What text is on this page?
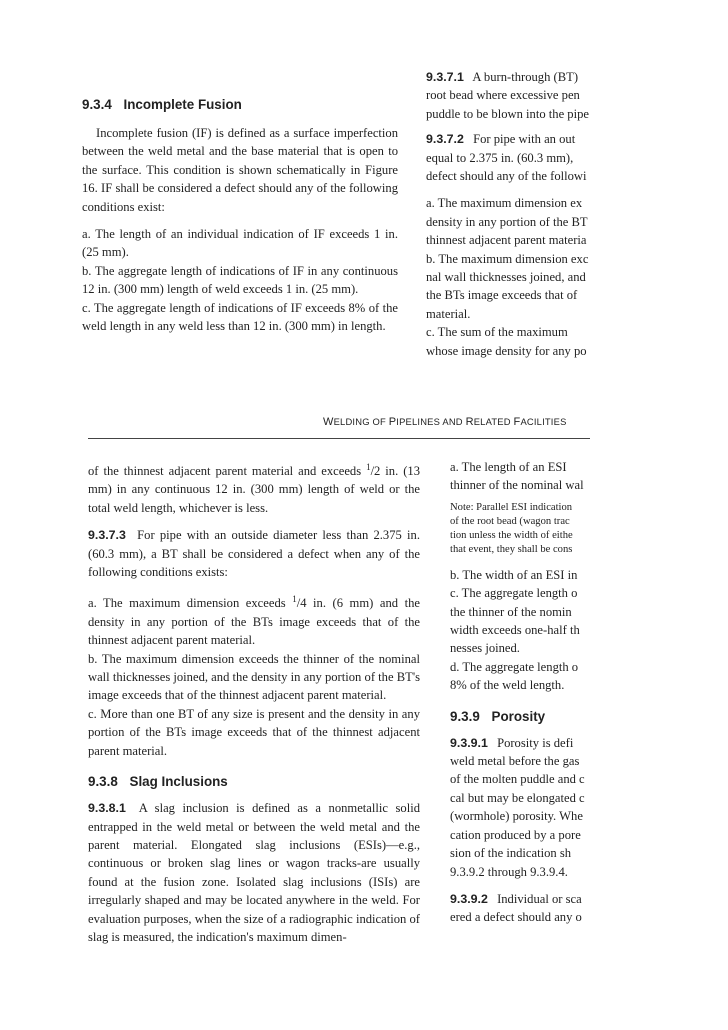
9.3.4 Incomplete Fusion

Incomplete fusion (IF) is defined as a surface imperfection between the weld metal and the base material that is open to the surface. This condition is shown schematically in Figure 16. IF shall be considered a defect should any of the following conditions exist:

a. The length of an individual indication of IF exceeds 1 in. (25 mm).

b. The aggregate length of indications of IF in any continuous 12 in. (300 mm) length of weld exceeds 1 in. (25 mm).

c. The aggregate length of indications of IF exceeds 8% of the weld length in any weld less than 12 in. (300 mm) in length.

9.3.7.1 A burn-through (BT)
root bead where excessive pen
puddle to be blown into the pipe
9.3.7.2 For pipe with an out
equal to 2.375 in. (60.3 mm),
defect should any of the followi
a. The maximum dimension ex
density in any portion of the BT
thinnest adjacent parent materia
b. The maximum dimension exc
nal wall thicknesses joined, and
the BTs image exceeds that of
material.
c. The sum of the maximum
whose image density for any po
WELDING OF PIPELINES AND RELATED FACILITIES

of the thinnest adjacent parent material and exceeds $^1$/2 in. (13 mm) in any continuous 12 in. (300 mm) length of weld or the total weld length, whichever is less.

9.3.7.3 For pipe with an outside diameter less than 2.375 in. (60.3 mm), a BT shall be considered a defect when any of the following conditions exists:

a. The maximum dimension exceeds $^1$/4 in. (6 mm) and the density in any portion of the BTs image exceeds that of the thinnest adjacent parent material.

b. The maximum dimension exceeds the thinner of the nominal wall thicknesses joined, and the density in any portion of the BT's image exceeds that of the thinnest adjacent parent material.

c. More than one BT of any size is present and the density in any portion of the BTs image exceeds that of the thinnest adjacent parent material.

9.3.8 Slag Inclusions

9.3.8.1 A slag inclusion is defined as a nonmetallic solid entrapped in the weld metal or between the weld metal and the parent material. Elongated slag inclusions (ESIs)—e.g., continuous or broken slag lines or wagon tracks-are usually found at the fusion zone. Isolated slag inclusions (ISIs) are irregularly shaped and may be located anywhere in the weld. For evaluation purposes, when the size of a radiographic indication of slag is measured, the indication's maximum dimen-

a. The length of an ESI
thinner of the nominal wal
Note: Parallel ESI indication
of the root bead (wagon trac
tion unless the width of eithe
that event, they shall be cons
b. The width of an ESI in
c. The aggregate length o
the thinner of the nomin
width exceeds one-half th
nesses joined.
d. The aggregate length o
8% of the weld length.
9.3.9 Porosity
9.3.9.1 Porosity is defi
weld metal before the gas
of the molten puddle and c
cal but may be elongated c
(wormhole) porosity. Whe
cation produced by a pore
sion of the indication sh
9.3.9.2 through 9.3.9.4.
9.3.9.2 Individual or sca
ered a defect should any o
